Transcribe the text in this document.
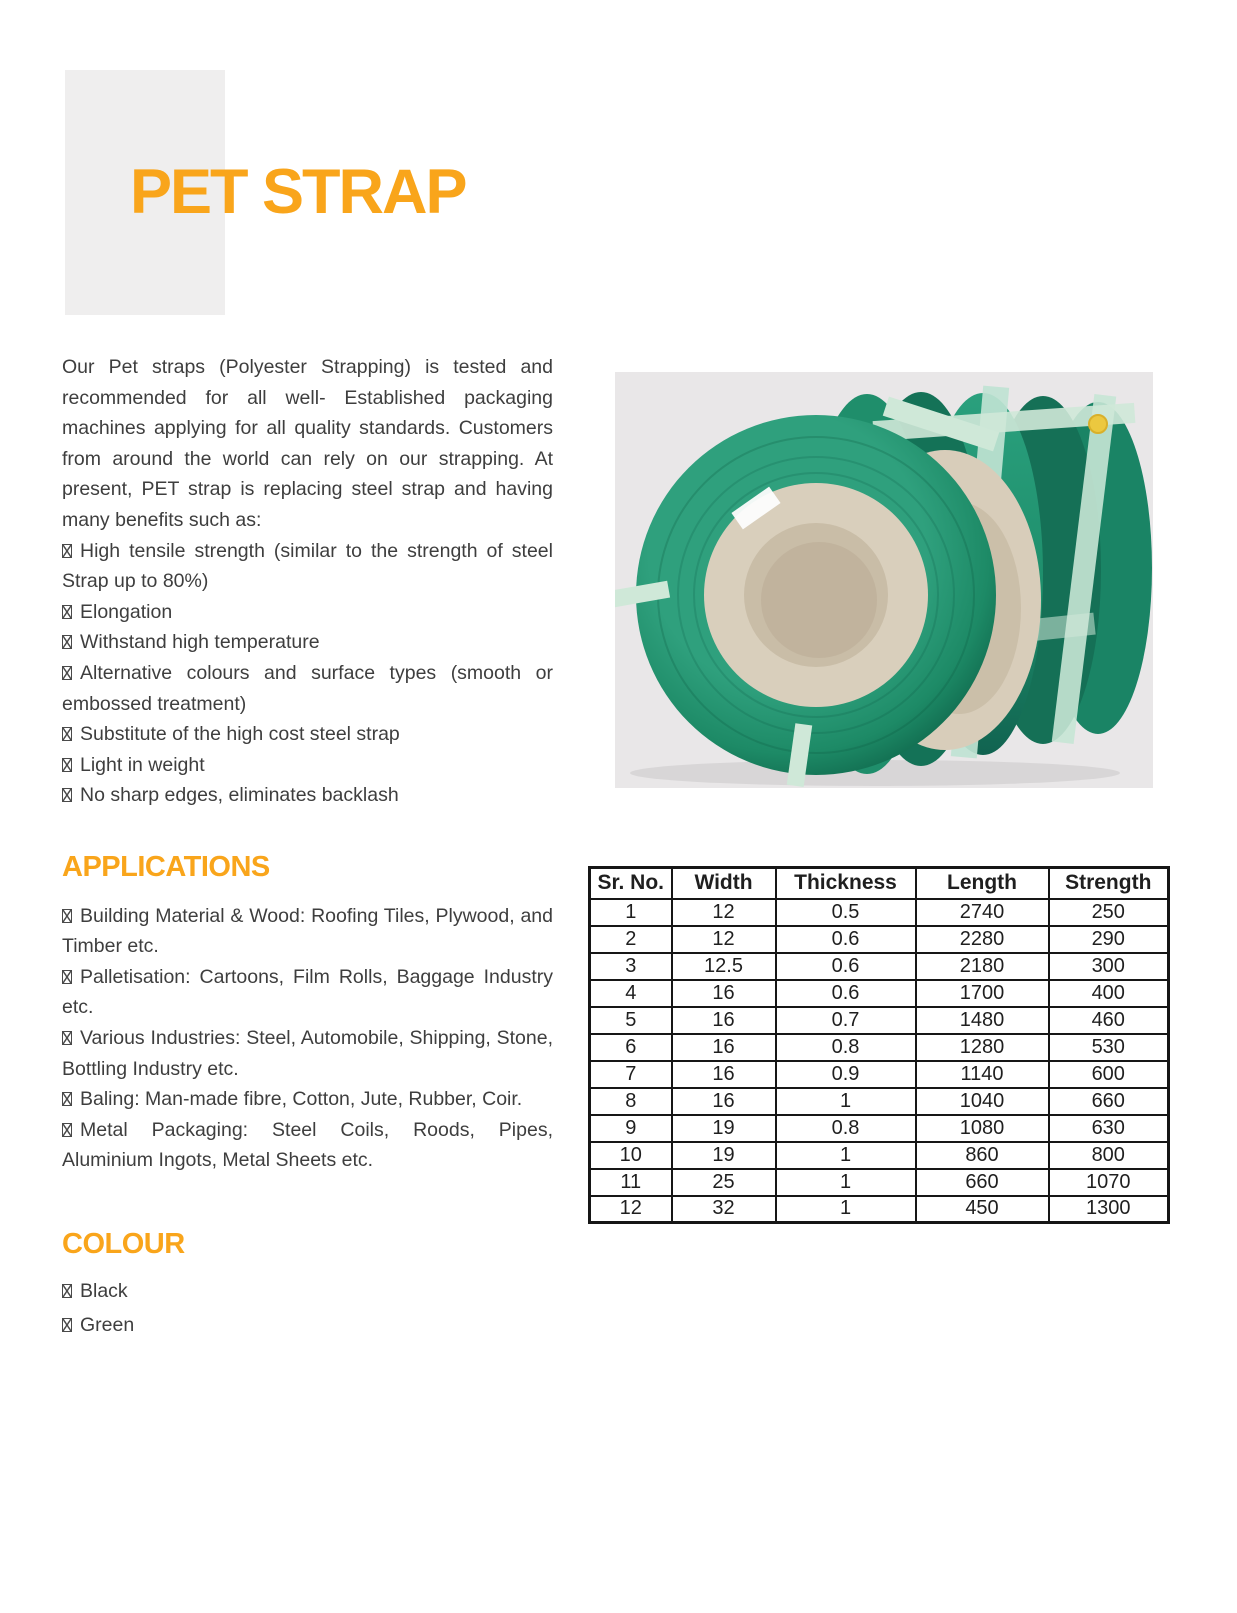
PET STRAP

Our Pet straps (Polyester Strapping) is tested and recommended for all well- Established packaging machines applying for all quality standards. Customers from around the world can rely on our strapping. At present, PET strap is replacing steel strap and having many benefits such as:

High tensile strength (similar to the strength of steel Strap up to 80%)
Elongation
Withstand high temperature
Alternative colours and surface types (smooth or embossed treatment)
Substitute of the high cost steel strap
Light in weight
No sharp edges, eliminates backlash
Sr. No.	Width	Thickness	Length	Strength
1	12	0.5	2740	250
2	12	0.6	2280	290
3	12.5	0.6	2180	300
4	16	0.6	1700	400
5	16	0.7	1480	460
6	16	0.8	1280	530
7	16	0.9	1140	600
8	16	1	1040	660
9	19	0.8	1080	630
10	19	1	860	800
11	25	1	660	1070
12	32	1	450	1300
APPLICATIONS
Building Material & Wood: Roofing Tiles, Plywood, and Timber etc.
Palletisation: Cartoons, Film Rolls, Baggage Industry etc.
Various Industries: Steel, Automobile, Shipping, Stone, Bottling Industry etc.
Baling: Man-made fibre, Cotton, Jute, Rubber, Coir.
Metal Packaging: Steel Coils, Roods, Pipes, Aluminium Ingots, Metal Sheets etc.
COLOUR
Black
Green
